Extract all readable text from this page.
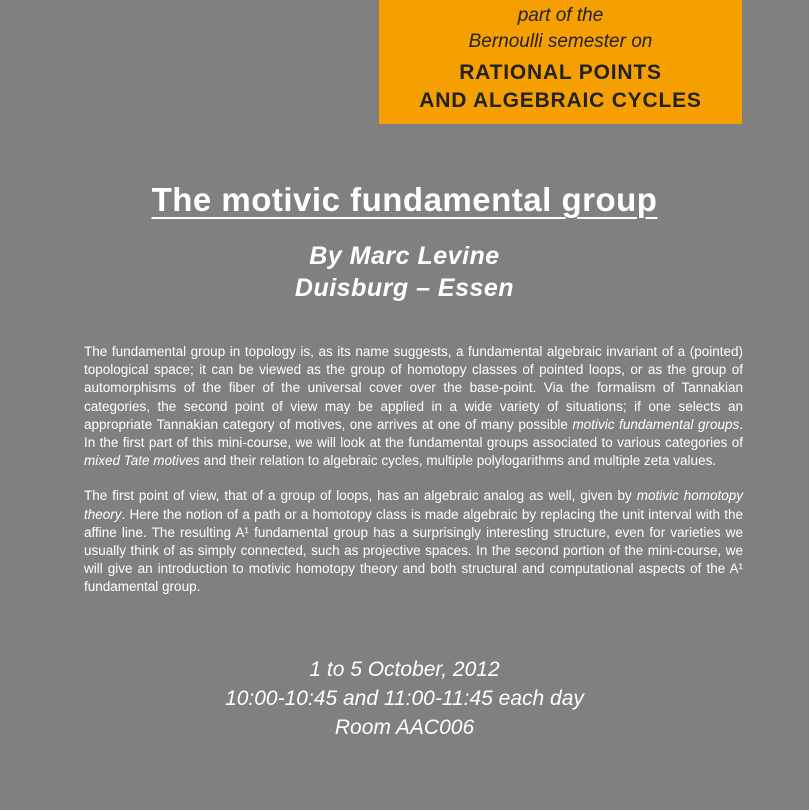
part of the
Bernoulli semester on
RATIONAL POINTS
AND ALGEBRAIC CYCLES
The motivic fundamental group
By Marc Levine
Duisburg – Essen

The fundamental group in topology is, as its name suggests, a fundamental algebraic invariant of a (pointed) topological space; it can be viewed as the group of homotopy classes of pointed loops, or as the group of automorphisms of the fiber of the universal cover over the base-point. Via the formalism of Tannakian categories, the second point of view may be applied in a wide variety of situations; if one selects an appropriate Tannakian category of motives, one arrives at one of many possible motivic fundamental groups. In the first part of this mini-course, we will look at the fundamental groups associated to various categories of mixed Tate motives and their relation to algebraic cycles, multiple polylogarithms and multiple zeta values.

The first point of view, that of a group of loops, has an algebraic analog as well, given by motivic homotopy theory. Here the notion of a path or a homotopy class is made algebraic by replacing the unit interval with the affine line. The resulting A¹ fundamental group has a surprisingly interesting structure, even for varieties we usually think of as simply connected, such as projective spaces. In the second portion of the mini-course, we will give an introduction to motivic homotopy theory and both structural and computational aspects of the A¹ fundamental group.

1 to 5 October, 2012
10:00-10:45 and 11:00-11:45 each day
Room AAC006
